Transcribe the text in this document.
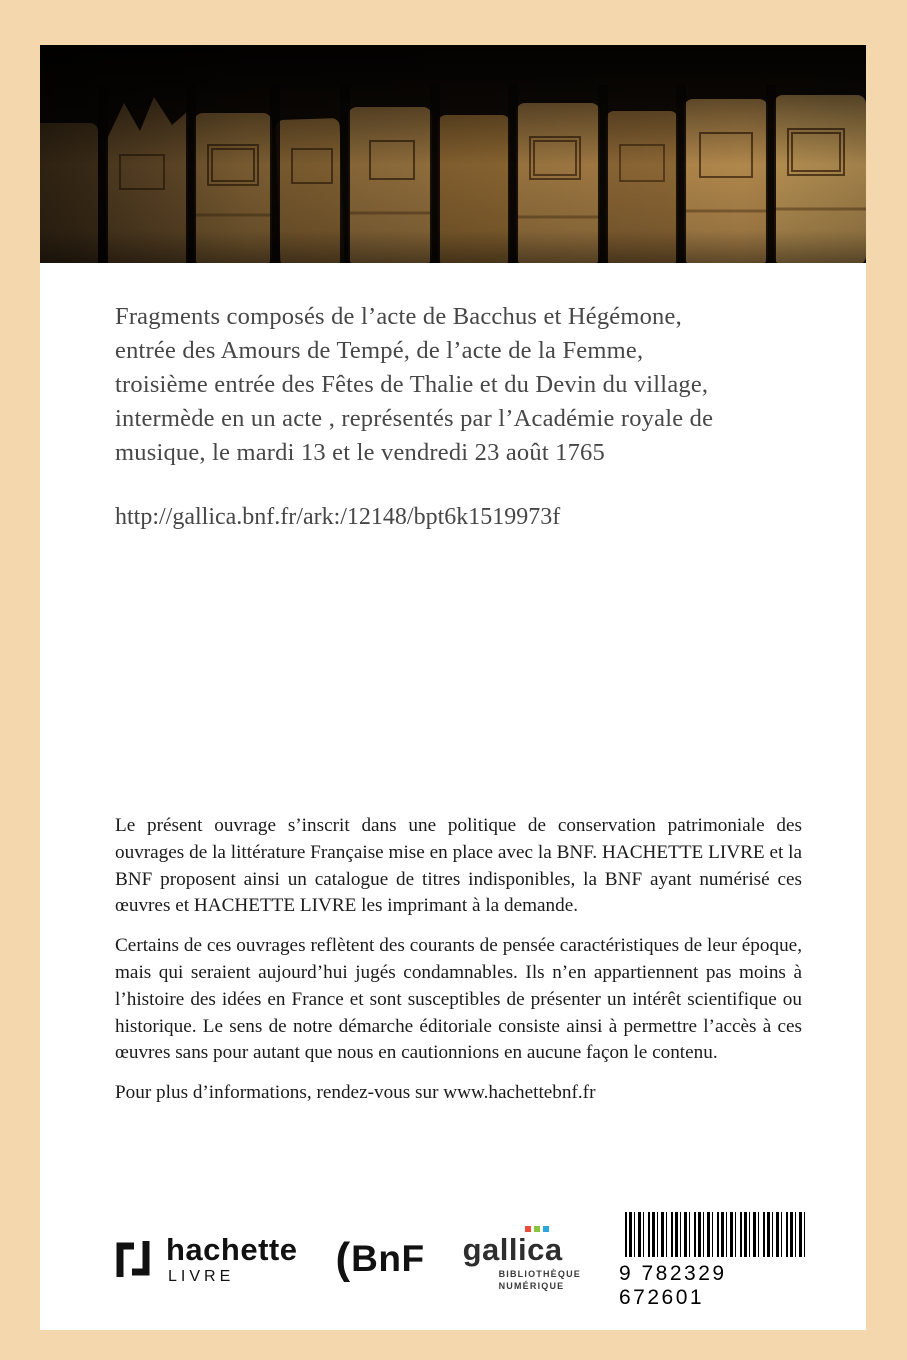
Fragments composés de l’acte de Bacchus et Hégémone, entrée des Amours de Tempé, de l’acte de la Femme, troisième entrée des Fêtes de Thalie et du Devin du village, intermède en un acte , représentés par l’Académie royale de musique, le mardi 13 et le vendredi 23 août 1765

http://gallica.bnf.fr/ark:/12148/bpt6k1519973f

Le présent ouvrage s’inscrit dans une politique de conservation patrimoniale des ouvrages de la littérature Française mise en place avec la BNF. HACHETTE LIVRE et la BNF proposent ainsi un catalogue de titres indisponibles, la BNF ayant numérisé ces œuvres et HACHETTE LIVRE les imprimant à la demande.

Certains de ces ouvrages reflètent des courants de pensée caractéristiques de leur époque, mais qui seraient aujourd’hui jugés condamnables. Ils n’en appartiennent pas moins à l’histoire des idées en France et sont susceptibles de présenter un intérêt scientifique ou historique. Le sens de notre démarche éditoriale consiste ainsi à permettre l’accès à ces œuvres sans pour autant que nous en cautionnions en aucune façon le contenu.

Pour plus d’informations, rendez-vous sur www.hachettebnf.fr

hachette
LIVRE	( BnF gallica
BIBLIOTHÈQUE
NUMÉRIQUE
9 782329 672601
